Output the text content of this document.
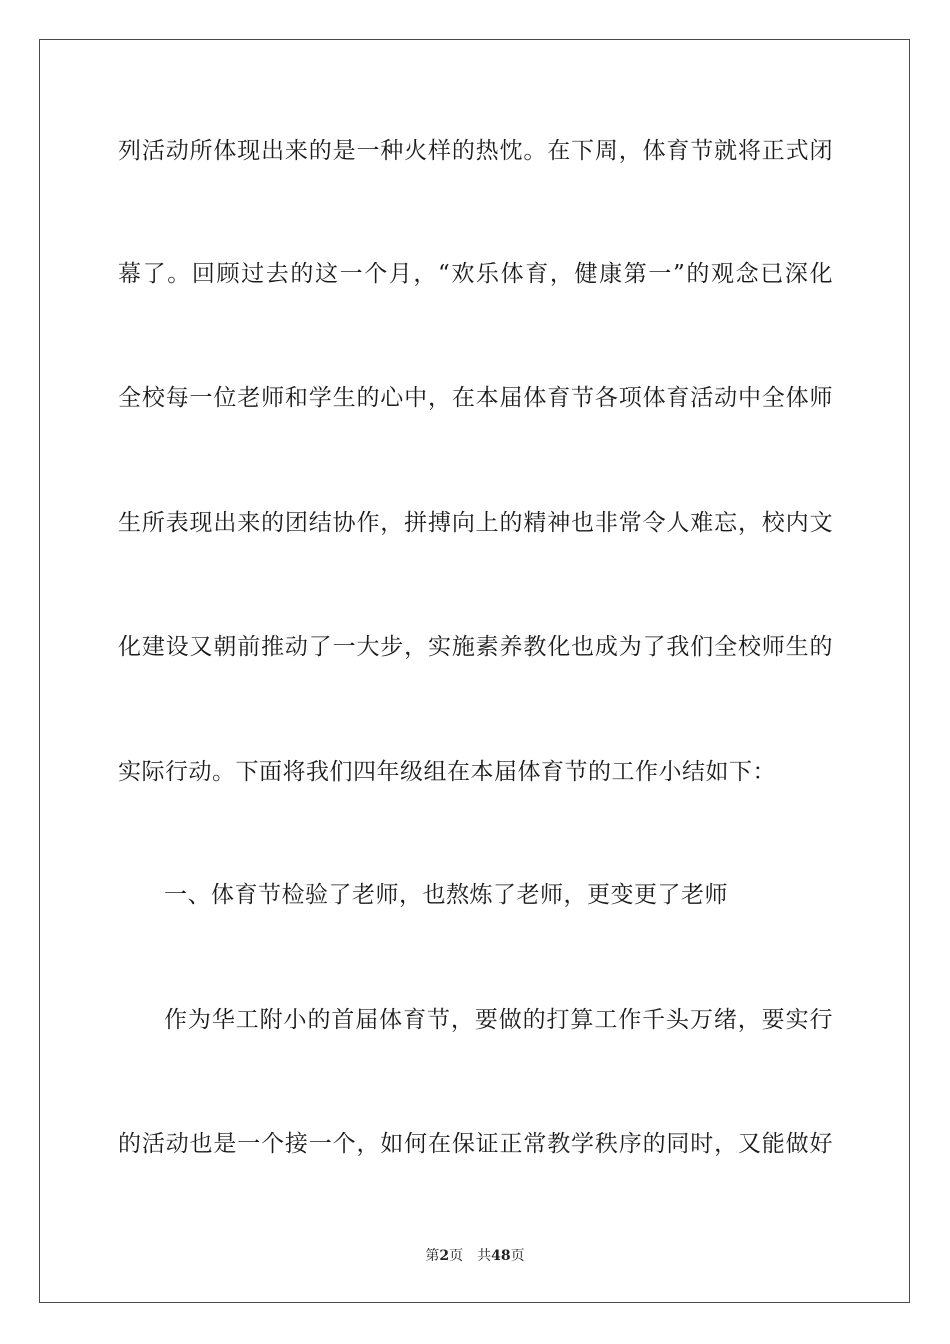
列活动所体现出来的是一种火样的热忱。在下周，体育节就将正式闭
幕了。回顾过去的这一个月，“欢乐体育，健康第一”的观念已深化
全校每一位老师和学生的心中，在本届体育节各项体育活动中全体师
生所表现出来的团结协作，拼搏向上的精神也非常令人难忘，校内文
化建设又朝前推动了一大步，实施素养教化也成为了我们全校师生的
实际行动。下面将我们四年级组在本届体育节的工作小结如下：
一、体育节检验了老师，也熬炼了老师，更变更了老师
作为华工附小的首届体育节，要做的打算工作千头万绪，要实行
的活动也是一个接一个，如何在保证正常教学秩序的同时，又能做好
第2页 共48页
